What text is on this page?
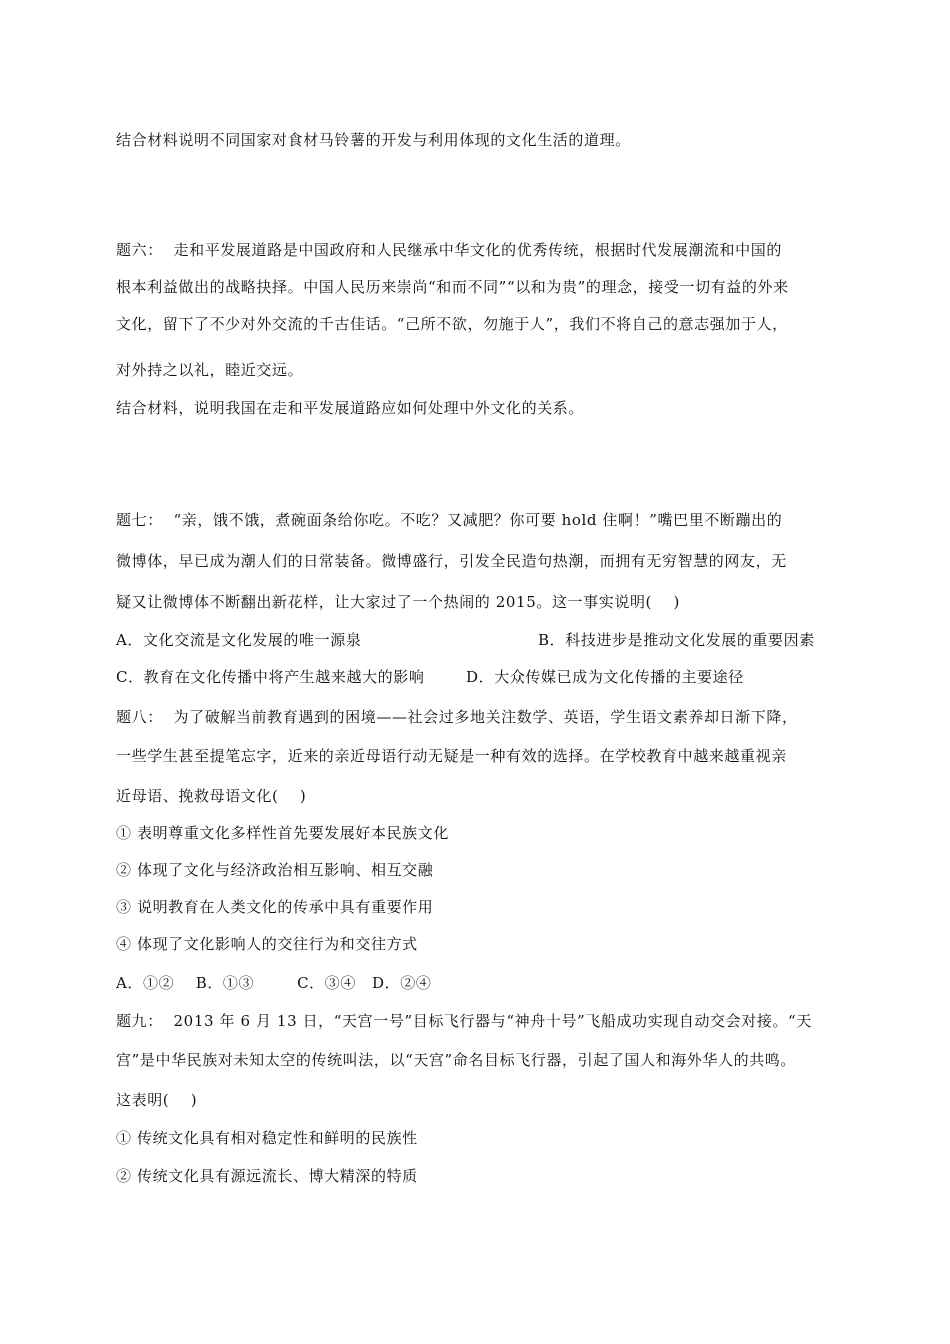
结合材料说明不同国家对食材马铃薯的开发与利用体现的文化生活的道理。
题六：  走和平发展道路是中国政府和人民继承中华文化的优秀传统，根据时代发展潮流和中国的
根本利益做出的战略抉择。中国人民历来崇尚“和而不同”“以和为贵”的理念，接受一切有益的外来
文化，留下了不少对外交流的千古佳话。“己所不欲，勿施于人”，我们不将自己的意志强加于人，
对外持之以礼，睦近交远。
结合材料，说明我国在走和平发展道路应如何处理中外文化的关系。
题七：  “亲，饿不饿，煮碗面条给你吃。不吃？又减肥？你可要 hold 住啊！”嘴巴里不断蹦出的
微博体，早已成为潮人们的日常装备。微博盛行，引发全民造句热潮，而拥有无穷智慧的网友，无
疑又让微博体不断翻出新花样，让大家过了一个热闹的 2015。这一事实说明(    )
A．文化交流是文化发展的唯一源泉	B．科技进步是推动文化发展的重要因素
C．教育在文化传播中将产生越来越大的影响	D．大众传媒已成为文化传播的主要途径
题八：  为了破解当前教育遇到的困境——社会过多地关注数学、英语，学生语文素养却日渐下降，
一些学生甚至提笔忘字，近来的亲近母语行动无疑是一种有效的选择。在学校教育中越来越重视亲
近母语、挽救母语文化(    )
① 表明尊重文化多样性首先要发展好本民族文化
② 体现了文化与经济政治相互影响、相互交融
③ 说明教育在人类文化的传承中具有重要作用
④ 体现了文化影响人的交往行为和交往方式
A．①②    B．①③        C．③④   D．②④
题九：  2013 年 6 月 13 日，“天宫一号”目标飞行器与“神舟十号”飞船成功实现自动交会对接。“天
宫”是中华民族对未知太空的传统叫法，以“天宫”命名目标飞行器，引起了国人和海外华人的共鸣。
这表明(    )
① 传统文化具有相对稳定性和鲜明的民族性
② 传统文化具有源远流长、博大精深的特质
